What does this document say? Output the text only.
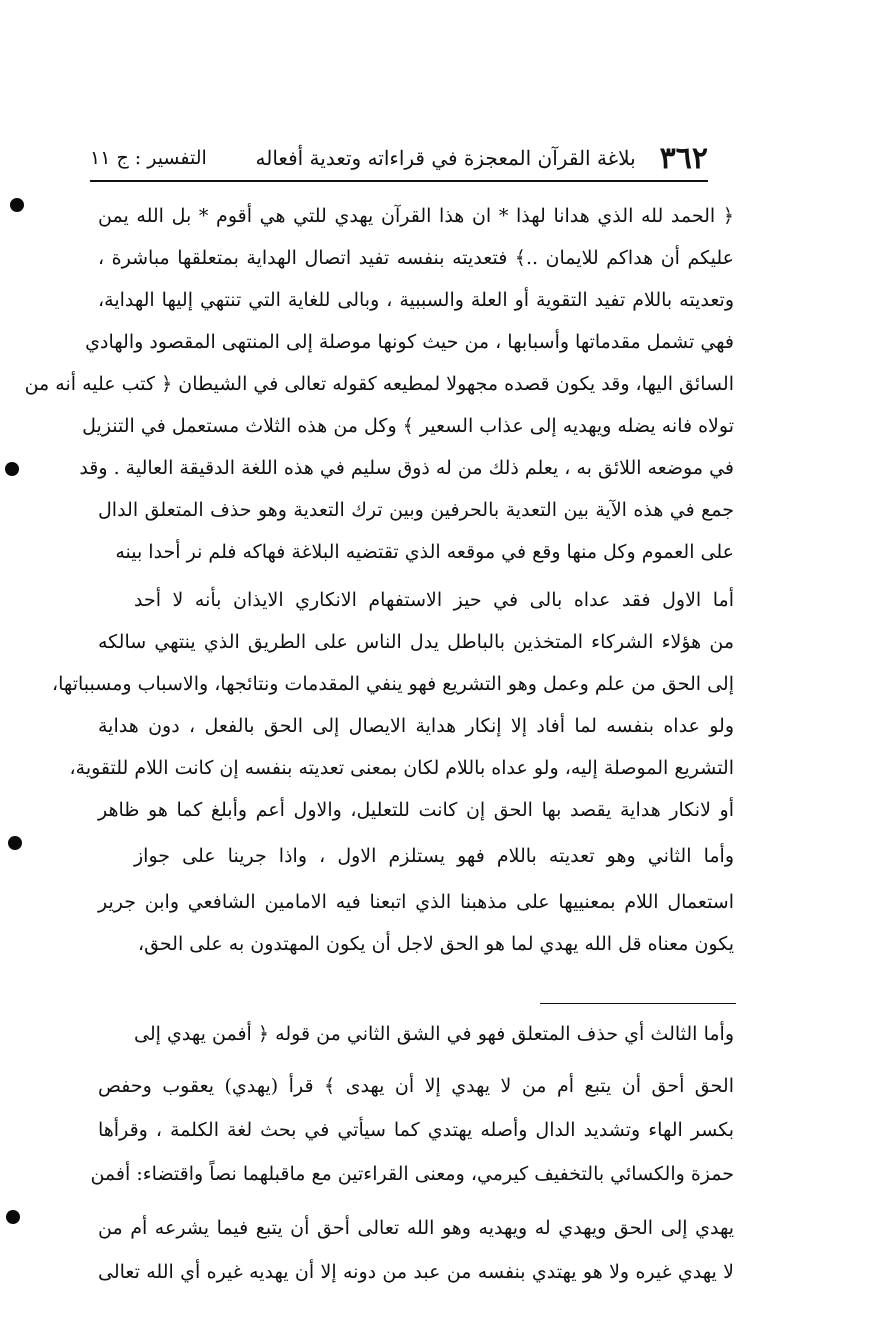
٣٦٢
بلاغة القرآن المعجزة في قراءاته وتعدية أفعاله
التفسير : ج ١١
﴿ الحمد لله الذي هدانا لهذا * ان هذا القرآن يهدي للتي هي أقوم * بل الله يمن
عليكم أن هداكم للايمان ..﴾ فتعديته بنفسه تفيد اتصال الهداية بمتعلقها مباشرة ،
وتعديته باللام تفيد التقوية أو العلة والسببية ، وبالى للغاية التي تنتهي إليها الهداية،
فهي تشمل مقدماتها وأسبابها ، من حيث كونها موصلة إلى المنتهى المقصود والهادي
السائق اليها، وقد يكون قصده مجهولا لمطيعه كقوله تعالى في الشيطان ﴿ كتب عليه أنه من
تولاه فانه يضله ويهديه إلى عذاب السعير ﴾ وكل من هذه الثلاث مستعمل في التنزيل
في موضعه اللائق به ، يعلم ذلك من له ذوق سليم في هذه اللغة الدقيقة العالية . وقد
جمع في هذه الآية بين التعدية بالحرفين وبين ترك التعدية وهو حذف المتعلق الدال
على العموم وكل منها وقع في موقعه الذي تقتضيه البلاغة فهاكه فلم نر أحدا بينه
أما الاول فقد عداه بالى في حيز الاستفهام الانكاري الايذان بأنه لا أحد
من هؤلاء الشركاء المتخذين بالباطل يدل الناس على الطريق الذي ينتهي سالكه
إلى الحق من علم وعمل وهو التشريع فهو ينفي المقدمات ونتائجها، والاسباب ومسبباتها،
ولو عداه بنفسه لما أفاد إلا إنكار هداية الايصال إلى الحق بالفعل ، دون هداية
التشريع الموصلة إليه، ولو عداه باللام لكان بمعنى تعديته بنفسه إن كانت اللام للتقوية،
أو لانكار هداية يقصد بها الحق إن كانت للتعليل، والاول أعم وأبلغ كما هو ظاهر
وأما الثاني وهو تعديته باللام فهو يستلزم الاول ، واذا جرينا على جواز
استعمال اللام بمعنييها على مذهبنا الذي اتبعنا فيه الامامين الشافعي وابن جرير
يكون معناه قل الله يهدي لما هو الحق لاجل أن يكون المهتدون به على الحق،
وأما الثالث أي حذف المتعلق فهو في الشق الثاني من قوله ﴿ أفمن يهدي إلى
الحق أحق أن يتبع أم من لا يهدي إلا أن يهدى ﴾ قرأ (يهدي) يعقوب وحفص
بكسر الهاء وتشديد الدال وأصله يهتدي كما سيأتي في بحث لغة الكلمة ، وقرأها
حمزة والكسائي بالتخفيف كيرمي، ومعنى القراءتين مع ماقبلهما نصاً واقتضاء: أفمن
يهدي إلى الحق ويهدي له ويهديه وهو الله تعالى أحق أن يتبع فيما يشرعه أم من
لا يهدي غيره ولا هو يهتدي بنفسه من عبد من دونه إلا أن يهديه غيره أي الله تعالى
